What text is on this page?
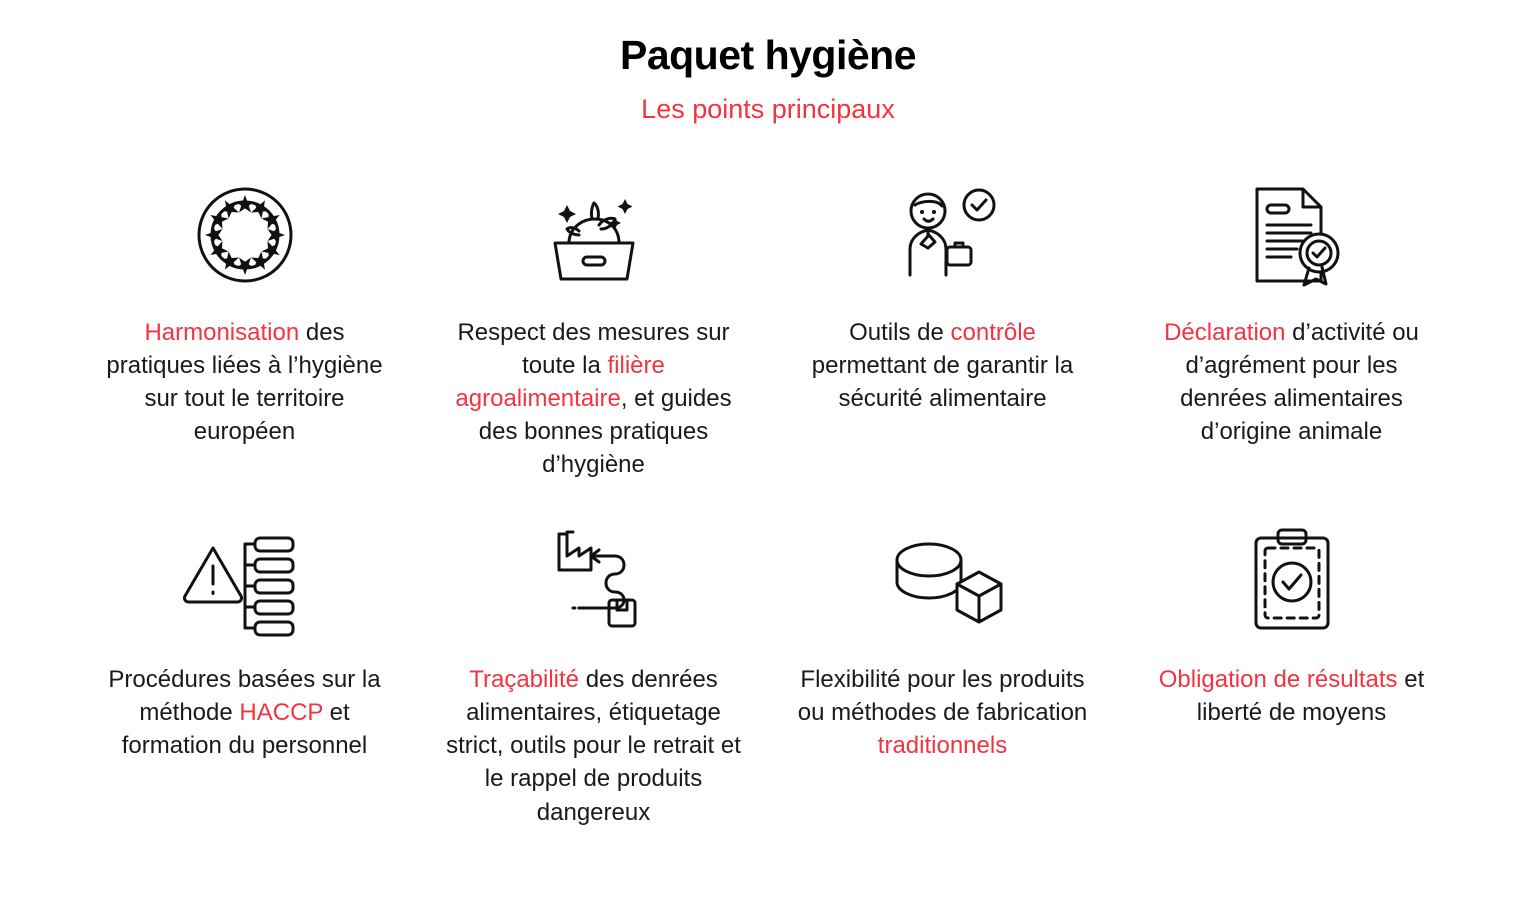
Paquet hygiène

Les points principaux

Harmonisation des pratiques liées à l’hygiène sur tout le territoire européen
Respect des mesures sur toute la filière agroalimentaire, et guides des bonnes pratiques d’hygiène
Outils de contrôle permettant de garantir la sécurité alimentaire
Déclaration d’activité ou d’agrément pour les denrées alimentaires d’origine animale
Procédures basées sur la méthode HACCP et formation du personnel
Traçabilité des denrées alimentaires, étiquetage strict, outils pour le retrait et le rappel de produits dangereux
Flexibilité pour les produits ou méthodes de fabrication traditionnels
Obligation de résultats et liberté de moyens
